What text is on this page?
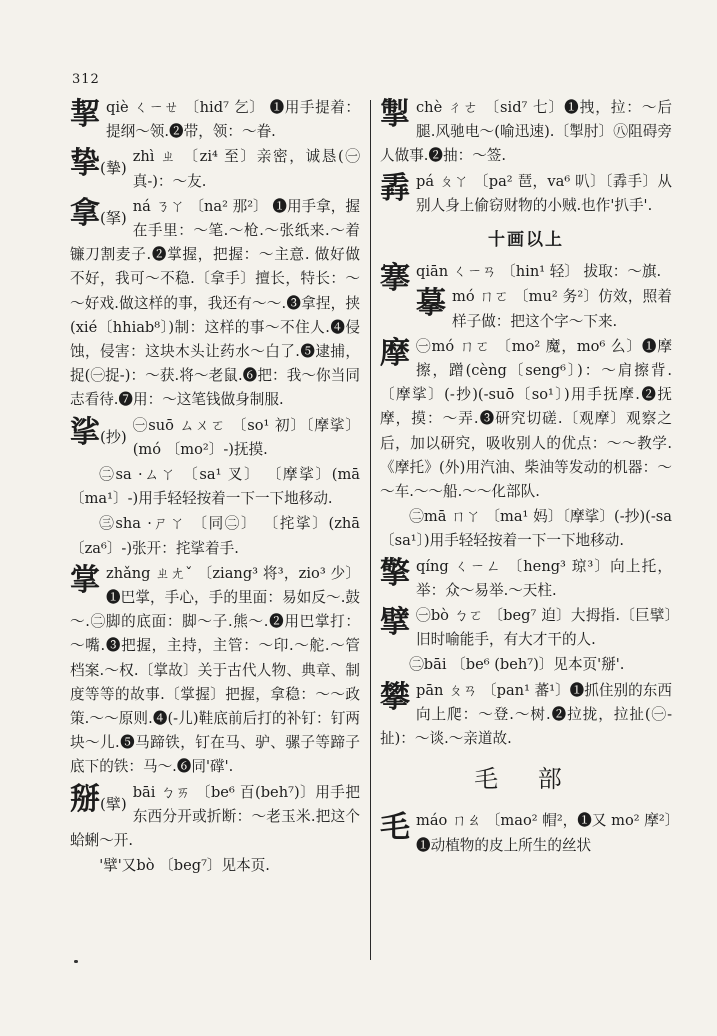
312
挈 qiè ㄑㄧㄝ 〔hid⁷ 乞〕 ❶用手提着：提纲～领.❷带，领：～眷.
挚(摯)
zhì ㄓ 〔zi⁴ 至〕亲密，诚恳(㊀真-)：～友.
拿(拏)
ná ㄋㄚ 〔na² 那²〕 ❶用手拿，握在手里：～笔.～枪.～张纸来.～着镰刀割麦子.❷掌握，把握：～主意. 做好做不好，我可～不稳.〔拿手〕擅长，特长：～～好戏.做这样的事，我还有～～.❸拿捏，挟(xié〔hhiab⁸〕)制：这样的事～不住人.❹侵蚀，侵害：这块木头让药水～白了.❺逮捕，捉(㊀捉-)：～获.将～老鼠.❻把：我～你当同志看待.❼用：～这笔钱做身制服.
挲(抄)
㊀suō ㄙㄨㄛ 〔so¹ 初〕〔摩挲〕(mó 〔mo²〕-)抚摸.
㊁sa ·ㄙㄚ 〔sa¹ 叉〕 〔摩挲〕(mā〔ma¹〕-)用手轻轻按着一下一下地移动.
㊂sha ·ㄕㄚ 〔同㊁〕 〔挓挲〕(zhā 〔za⁶〕-)张开：挓挲着手.
掌 zhǎng ㄓㄤˇ 〔ziang³ 将³，zio³ 少〕❶巴掌，手心，手的里面：易如反～.鼓～.㊁脚的底面：脚～子.熊～.❷用巴掌打：～嘴.❸把握，主持，主管：～印.～舵.～管档案.～权.〔掌故〕关于古代人物、典章、制度等等的故事.〔掌握〕把握，拿稳：～～政策.～～原则.❹(-儿)鞋底前后打的补钉：钉两块～儿.❺马蹄铁，钉在马、驴、骡子等蹄子底下的铁：马～.❻同'礃'.
掰(擘)
bāi ㄅㄞ 〔be⁶ 百(beh⁷)〕用手把东西分开或折断：～老玉米.把这个蛤蜊～开.
'擘'又bò 〔beg⁷〕见本页.
掣 chè ㄔㄜ 〔sid⁷ 七〕❶拽，拉：～后腿.风驰电～(喻迅速).〔掣肘〕㊇阻碍旁人做事.❷抽：～签.
掱 pá ㄆㄚ 〔pa² 琶，va⁶ 叭〕〔掱手〕从别人身上偷窃财物的小贼.也作'扒手'.
十画以上
搴 qiān ㄑㄧㄢ 〔hin¹ 轻〕 拔取：～旗.
摹 mó ㄇㄛ 〔mu² 务²〕仿效，照着样子做：把这个字～下来.
摩 ㊀mó ㄇㄛ 〔mo² 魔，mo⁶ 么〕❶摩擦，蹭(cèng〔seng⁶〕)：～肩擦背.〔摩挲〕(-抄)(-suō〔so¹〕)用手抚摩.❷抚摩，摸：～弄.❸研究切磋.〔观摩〕观察之后，加以研究，吸收别人的优点：～～教学.《摩托》(外)用汽油、柴油等发动的机器：～～车.～～船.～～化部队.
㊁mā ㄇㄚ 〔ma¹ 妈〕〔摩挲〕(-抄)(-sa 〔sa¹〕)用手轻轻按着一下一下地移动.
擎 qíng ㄑㄧㄥ 〔heng³ 琼³〕向上托，举：众～易举.～天柱.
擘 ㊀bò ㄅㄛ 〔beg⁷ 迫〕大拇指.〔巨擘〕旧时喻能手，有大才干的人.
㊁bāi 〔be⁶ (beh⁷)〕见本页'掰'.
攀 pān ㄆㄢ 〔pan¹ 蕃¹〕❶抓住别的东西向上爬：～登.～树.❷拉拢，拉扯(㊀-扯)：～谈.～亲道故.
毛 部
毛 máo ㄇㄠ 〔mao² 帽²，❶又 mo² 摩²〕❶动植物的皮上所生的丝状
